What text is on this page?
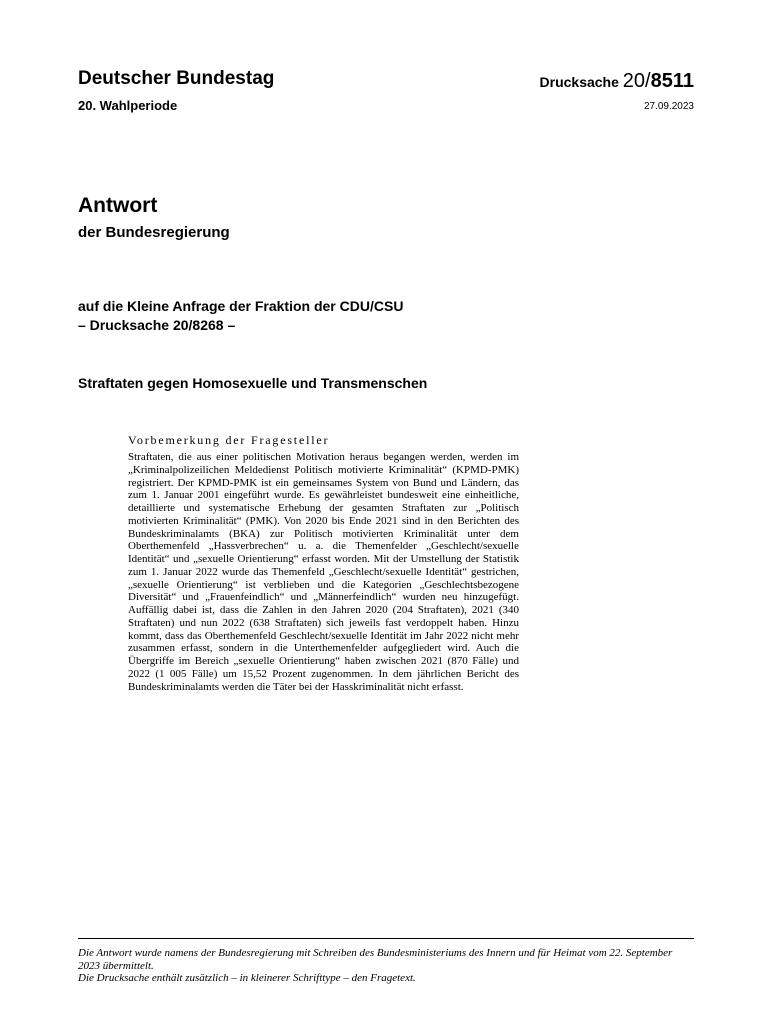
Deutscher Bundestag
20. Wahlperiode
Drucksache 20/8511
27.09.2023
Antwort
der Bundesregierung
auf die Kleine Anfrage der Fraktion der CDU/CSU
– Drucksache 20/8268 –
Straftaten gegen Homosexuelle und Transmenschen
Vorbemerkung der Fragesteller
Straftaten, die aus einer politischen Motivation heraus begangen werden, werden im „Kriminalpolizeilichen Meldedienst Politisch motivierte Kriminalität“ (KPMD-PMK) registriert. Der KPMD-PMK ist ein gemeinsames System von Bund und Ländern, das zum 1. Januar 2001 eingeführt wurde. Es gewährleistet bundesweit eine einheitliche, detaillierte und systematische Erhebung der gesamten Straftaten zur „Politisch motivierten Kriminalität“ (PMK). Von 2020 bis Ende 2021 sind in den Berichten des Bundeskriminalamts (BKA) zur Politisch motivierten Kriminalität unter dem Oberthemenfeld „Hassverbrechen“ u. a. die Themenfelder „Geschlecht/sexuelle Identität“ und „sexuelle Orientierung“ erfasst worden. Mit der Umstellung der Statistik zum 1. Januar 2022 wurde das Themenfeld „Geschlecht/sexuelle Identität“ gestrichen, „sexuelle Orientierung“ ist verblieben und die Kategorien „Geschlechtsbezogene Diversität“ und „Frauenfeindlich“ und „Männerfeindlich“ wurden neu hinzugefügt. Auffällig dabei ist, dass die Zahlen in den Jahren 2020 (204 Straftaten), 2021 (340 Straftaten) und nun 2022 (638 Straftaten) sich jeweils fast verdoppelt haben. Hinzu kommt, dass das Oberthemenfeld Geschlecht/sexuelle Identität im Jahr 2022 nicht mehr zusammen erfasst, sondern in die Unterthemenfelder aufgegliedert wird. Auch die Übergriffe im Bereich „sexuelle Orientierung“ haben zwischen 2021 (870 Fälle) und 2022 (1 005 Fälle) um 15,52 Prozent zugenommen. In dem jährlichen Bericht des Bundeskriminalamts werden die Täter bei der Hasskriminalität nicht erfasst.

Die Antwort wurde namens der Bundesregierung mit Schreiben des Bundesministeriums des Innern und für Heimat vom 22. September 2023 übermittelt.

Die Drucksache enthält zusätzlich – in kleinerer Schrifttype – den Fragetext.
